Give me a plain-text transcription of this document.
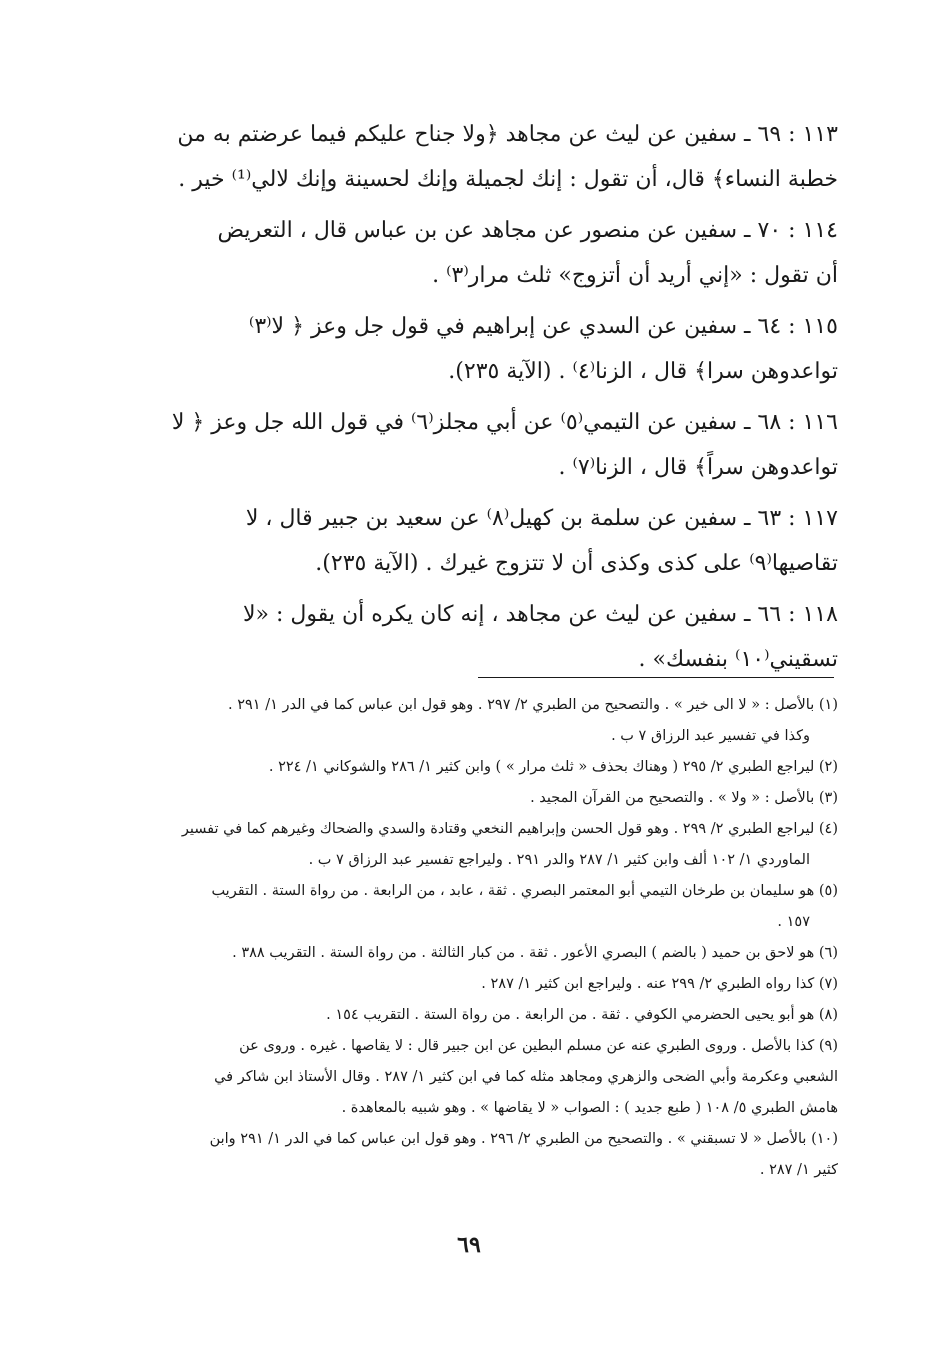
١١٣ : ٦٩ ـ سفين عن ليث عن مجاهد ﴿ولا جناح عليكم فيما عرضتم به من
خطبة النساء﴾ قال، أن تقول : إنك لجميلة وإنك لحسينة وإنك لالي⁽¹⁾ خير .

١١٤ : ٧٠ ـ سفين عن منصور عن مجاهد عن بن عباس قال ، التعريض
أن تقول : «إني أريد أن أتزوج» ثلث مرار⁽٣⁾ .

١١٥ : ٦٤ ـ سفين عن السدي عن إبراهيم في قول جل وعز ﴿ لا⁽٣⁾
تواعدوهن سرا﴾ قال ، الزنا⁽٤⁾ . (الآية ٢٣٥).

١١٦ : ٦٨ ـ سفين عن التيمي⁽٥⁾ عن أبي مجلز⁽٦⁾ في قول الله جل وعز ﴿ لا
تواعدوهن سراً﴾ قال ، الزنا⁽٧⁾ .

١١٧ : ٦٣ ـ سفين عن سلمة بن كهيل⁽٨⁾ عن سعيد بن جبير قال ، لا
تقاصيها⁽٩⁾ على كذى وكذى أن لا تتزوج غيرك . (الآية ٢٣٥).

١١٨ : ٦٦ ـ سفين عن ليث عن مجاهد ، إنه كان يكره أن يقول : «لا
تسقيني⁽١٠⁾ بنفسك» .

(١) بالأصل : « لا الى خير » . والتصحيح من الطبري ٢/ ٢٩٧ . وهو قول ابن عباس كما في الدر ١/ ٢٩١ .
وكذا في تفسير عبد الرزاق ٧ ب .

(٢) ليراجع الطبري ٢/ ٢٩٥ ( وهناك بحذف « ثلث مرار » ) وابن كثير ١/ ٢٨٦ والشوكاني ١/ ٢٢٤ .

(٣) بالأصل : « ولا » . والتصحيح من القرآن المجيد .

(٤) ليراجع الطبري ٢/ ٢٩٩ . وهو قول الحسن وإبراهيم النخعي وقتادة والسدي والضحاك وغيرهم كما في تفسير
الماوردي ١/ ١٠٢ ألف وابن كثير ١/ ٢٨٧ والدر ٢٩١ . وليراجع تفسير عبد الرزاق ٧ ب .

(٥) هو سليمان بن طرخان التيمي أبو المعتمر البصري . ثقة ، عابد ، من الرابعة . من رواة الستة . التقريب
١٥٧ .

(٦) هو لاحق بن حميد ( بالضم ) البصري الأعور . ثقة . من كبار الثالثة . من رواة الستة . التقريب ٣٨٨ .

(٧) كذا رواه الطبري ٢/ ٢٩٩ عنه . وليراجع ابن كثير ١/ ٢٨٧ .

(٨) هو أبو يحيى الحضرمي الكوفي . ثقة . من الرابعة . من رواة الستة . التقريب ١٥٤ .

(٩) كذا بالأصل . وروى الطبري عنه عن مسلم البطين عن ابن جبير قال : لا يقاصها . غيره . وروى عن
الشعبي وعكرمة وأبي الضحى والزهري ومجاهد مثله كما في ابن كثير ١/ ٢٨٧ . وقال الأستاذ ابن شاكر في
هامش الطبري ٥/ ١٠٨ ( طبع جديد ) : الصواب « لا يقاضها » . وهو شبيه بالمعاهدة .

(١٠) بالأصل « لا تسبقني » . والتصحيح من الطبري ٢/ ٢٩٦ . وهو قول ابن عباس كما في الدر ١/ ٢٩١ وابن
كثير ١/ ٢٨٧ .

٦٩
